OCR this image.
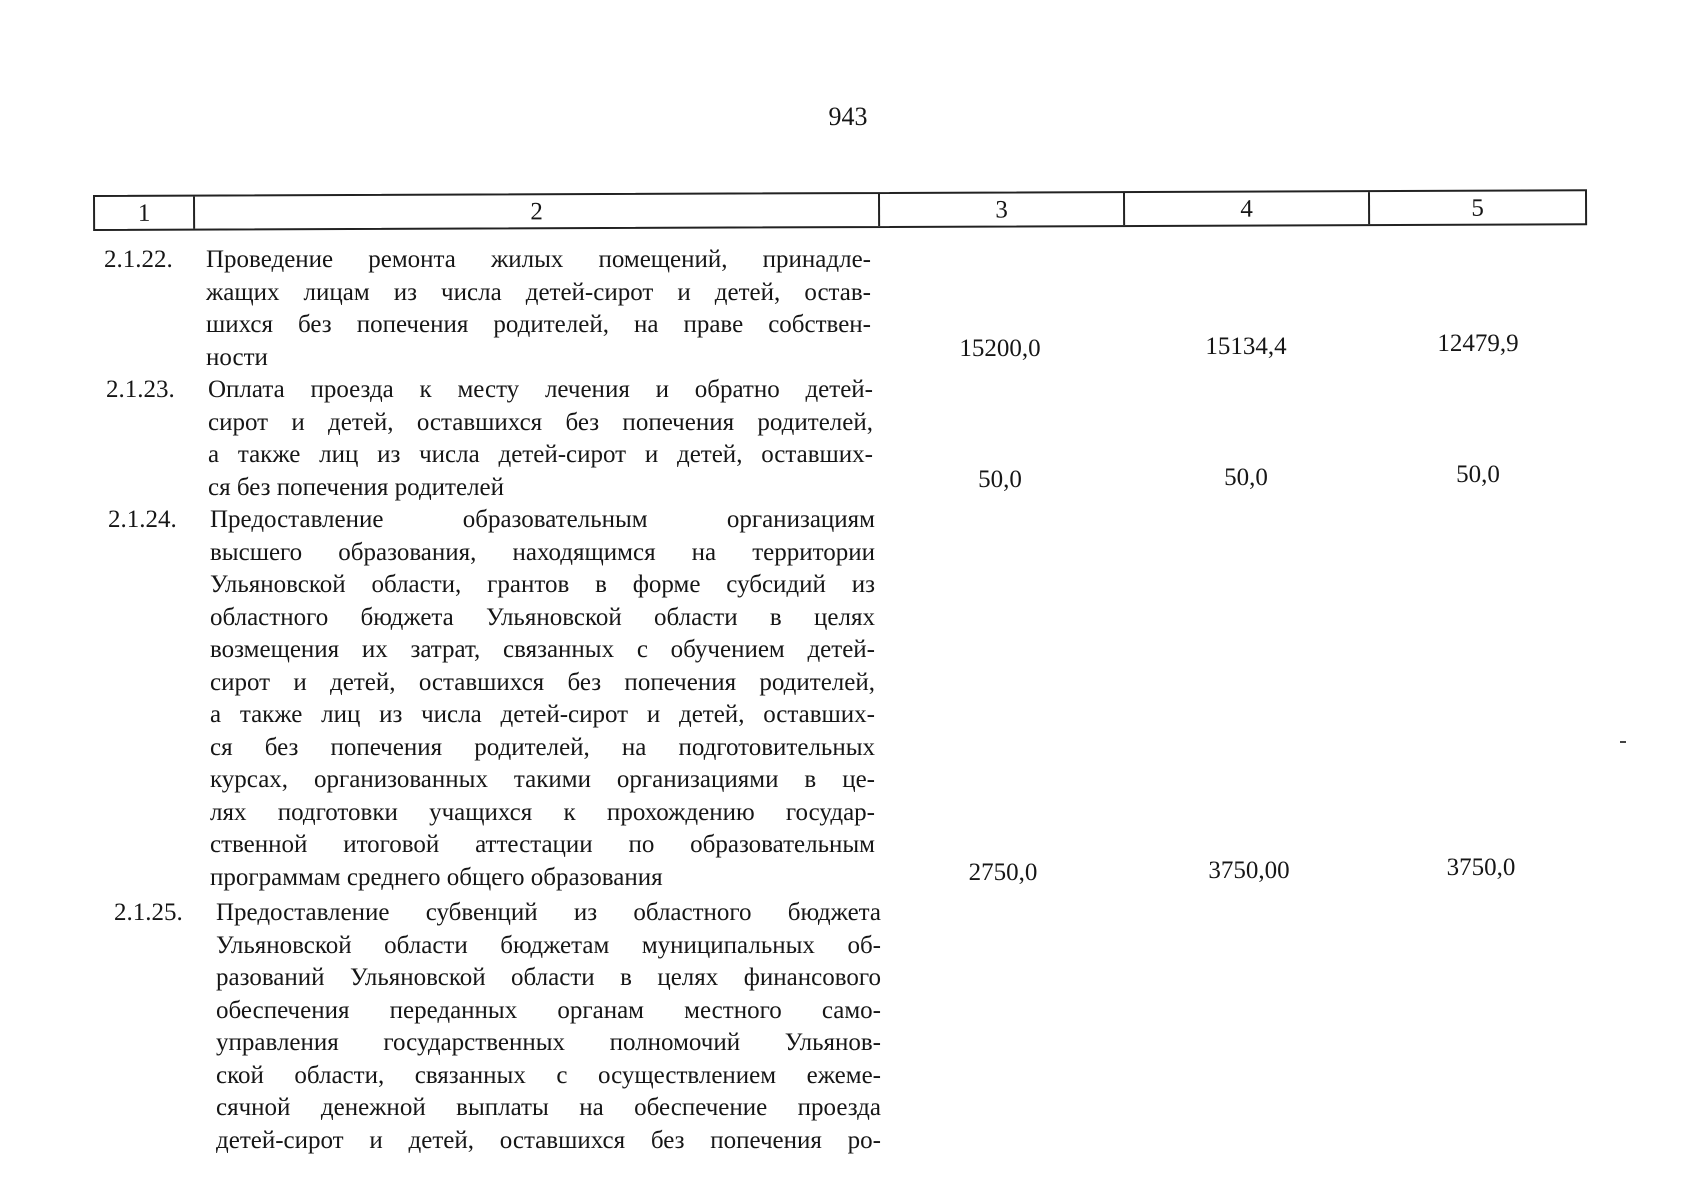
943
1	2	3	4	5
2.1.22. Проведение ремонта жилых помещений, принадле-
жащих лицам из числа детей-сирот и детей, остав-
шихся без попечения родителей, на праве собствен-
ности	15200,0	15134,4	12479,9
2.1.23. Оплата проезда к месту лечения и обратно детей-
сирот и детей, оставшихся без попечения родителей,
а также лиц из числа детей-сирот и детей, оставших-
ся без попечения родителей	50,0	50,0	50,0
2.1.24. Предоставление образовательным организациям
высшего образования, находящимся на территории
Ульяновской области, грантов в форме субсидий из
областного бюджета Ульяновской области в целях
возмещения их затрат, связанных с обучением детей-
сирот и детей, оставшихся без попечения родителей,
а также лиц из числа детей-сирот и детей, оставших-
ся без попечения родителей, на подготовительных
курсах, организованных такими организациями в це-
лях подготовки учащихся к прохождению государ-
ственной итоговой аттестации по образовательным
программам среднего общего образования	2750,0	3750,00	3750,0
2.1.25. Предоставление субвенций из областного бюджета
Ульяновской области бюджетам муниципальных об-
разований Ульяновской области в целях финансового
обеспечения переданных органам местного само-
управления государственных полномочий Ульянов-
ской области, связанных с осуществлением ежеме-
сячной денежной выплаты на обеспечение проезда
детей-сирот и детей, оставшихся без попечения ро-
